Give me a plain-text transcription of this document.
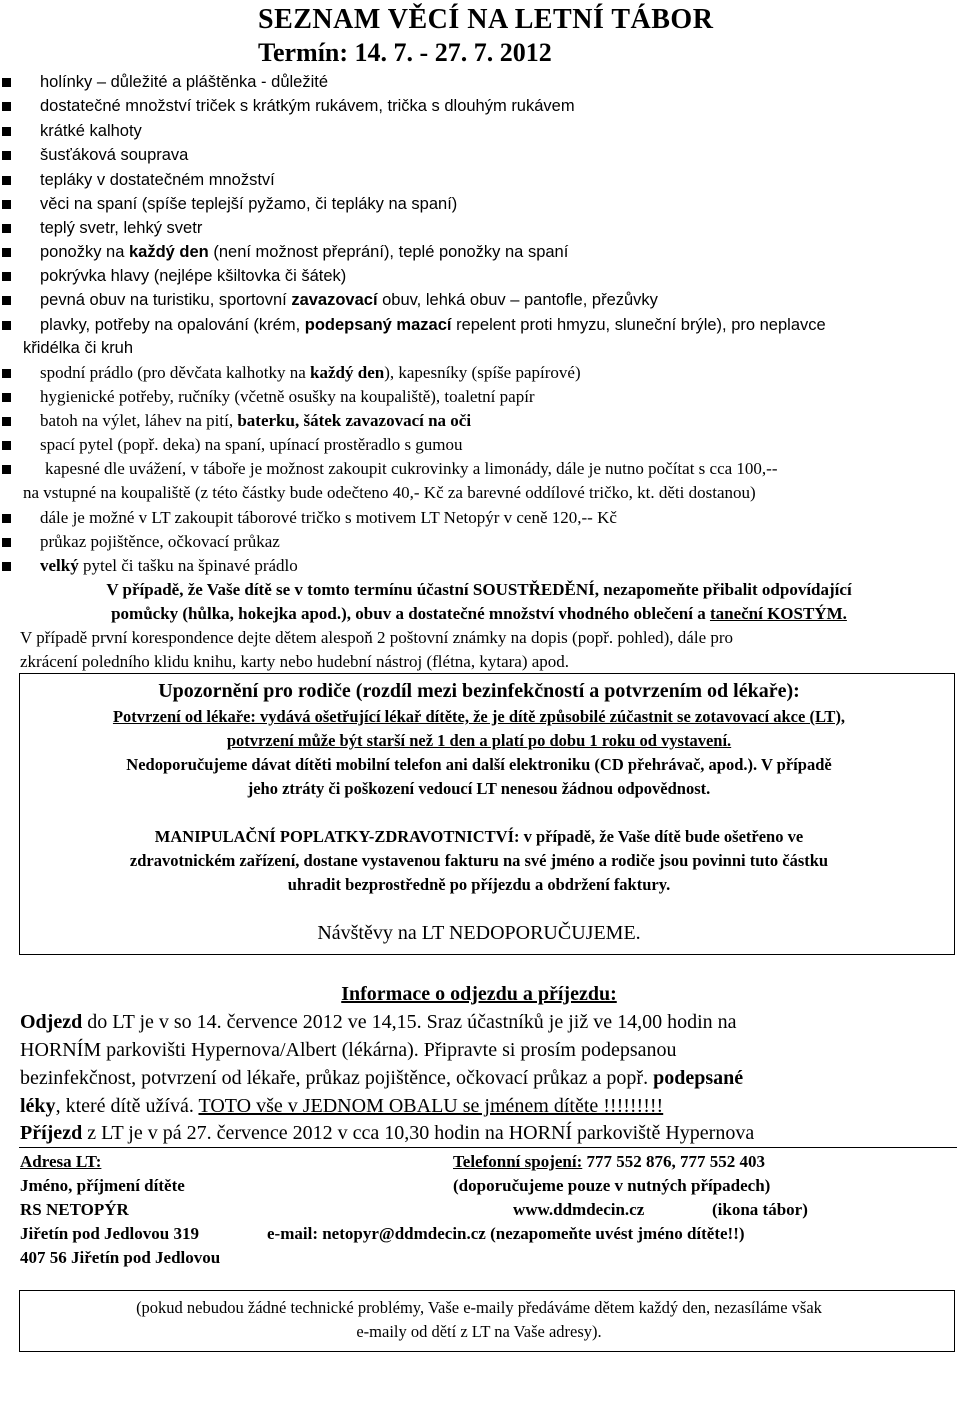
SEZNAM VĚCÍ NA LETNÍ TÁBOR
Termín: 14. 7. - 27. 7. 2012
holínky – důležité a pláštěnka - důležité
dostatečné množství triček s krátkým rukávem, trička s dlouhým rukávem
krátké kalhoty
šusťáková souprava
tepláky v dostatečném množství
věci na spaní (spíše teplejší pyžamo, či tepláky na spaní)
teplý svetr, lehký svetr
ponožky na každý den (není možnost přeprání), teplé ponožky na spaní
pokrývka hlavy (nejlépe kšiltovka či šátek)
pevná obuv na turistiku, sportovní zavazovací obuv, lehká obuv – pantofle, přezůvky
plavky, potřeby na opalování (krém, podepsaný mazací repelent proti hmyzu, sluneční brýle), pro neplavce
křidélka či kruh
spodní prádlo (pro děvčata kalhotky na každý den), kapesníky (spíše papírové)
hygienické potřeby, ručníky (včetně osušky na koupaliště), toaletní papír
batoh na výlet, láhev na pití, baterku, šátek zavazovací na oči
spací pytel (popř. deka) na spaní, upínací prostěradlo s gumou
kapesné dle uvážení, v táboře je možnost zakoupit cukrovinky a limonády, dále je nutno počítat s cca 100,--
na vstupné na koupaliště (z této částky bude odečteno 40,- Kč za barevné oddílové tričko, kt. děti dostanou)
dále je možné v LT zakoupit táborové tričko s motivem LT Netopýr v ceně 120,-- Kč
průkaz pojištěnce, očkovací průkaz
velký pytel či tašku na špinavé prádlo
V případě, že Vaše dítě se v tomto termínu účastní SOUSTŘEDĚNÍ, nezapomeňte přibalit odpovídající
pomůcky (hůlka, hokejka apod.), obuv a dostatečné množství vhodného oblečení a taneční KOSTÝM.
V případě první korespondence dejte dětem alespoň 2 poštovní známky na dopis (popř. pohled), dále pro
zkrácení poledního klidu knihu, karty nebo hudební nástroj (flétna, kytara) apod.
Upozornění pro rodiče (rozdíl mezi bezinfekčností a potvrzením od lékaře):
Potvrzení od lékaře: vydává ošetřující lékař dítěte, že je dítě způsobilé zúčastnit se zotavovací akce (LT),
potvrzení může být starší než 1 den a platí po dobu 1 roku od vystavení.
Nedoporučujeme dávat dítěti mobilní telefon ani další elektroniku (CD přehrávač, apod.). V případě
jeho ztráty či poškození vedoucí LT nenesou žádnou odpovědnost.
MANIPULAČNÍ POPLATKY-ZDRAVOTNICTVÍ: v případě, že Vaše dítě bude ošetřeno ve
zdravotnickém zařízení, dostane vystavenou fakturu na své jméno a rodiče jsou povinni tuto částku
uhradit bezprostředně po příjezdu a obdržení faktury.
Návštěvy na LT NEDOPORUČUJEME.
Informace o odjezdu a příjezdu:
Odjezd do LT je v so 14. července 2012 ve 14,15. Sraz účastníků je již ve 14,00 hodin na
HORNÍM parkovišti Hypernova/Albert (lékárna). Připravte si prosím podepsanou
bezinfekčnost, potvrzení od lékaře, průkaz pojištěnce, očkovací průkaz a popř. podepsané
léky, které dítě užívá. TOTO vše v JEDNOM OBALU se jménem dítěte !!!!!!!!!
Příjezd z LT je v pá 27. července 2012 v cca 10,30 hodin na HORNÍ parkoviště Hypernova
Adresa LT:
Jméno, příjmení dítěte
RS NETOPÝR
Jiřetín pod Jedlovou 319
407 56 Jiřetín pod Jedlovou
Telefonní spojení: 777 552 876, 777 552 403
(doporučujeme pouze v nutných případech)
www.ddmdecin.cz	(ikona tábor)
e-mail: netopyr@ddmdecin.cz (nezapomeňte uvést jméno dítěte!!)
(pokud nebudou žádné technické problémy, Vaše e-maily předáváme dětem každý den, nezasíláme však
e-maily od dětí z LT na Vaše adresy).
